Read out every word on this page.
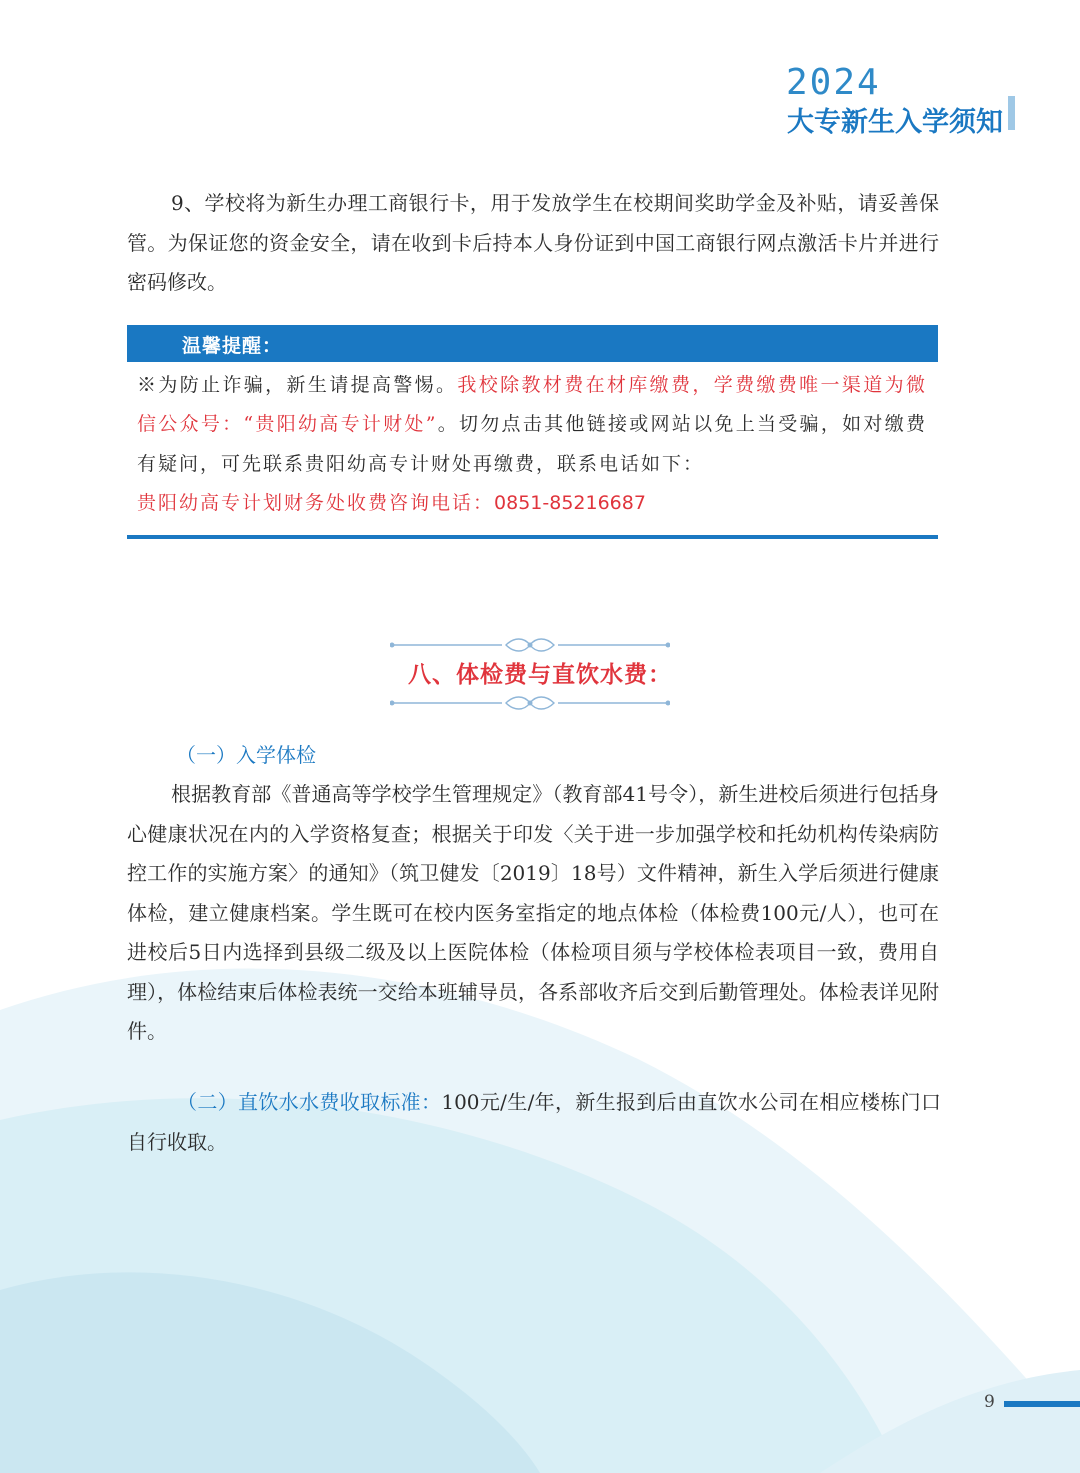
2024
大专新生入学须知
9、学校将为新生办理工商银行卡，用于发放学生在校期间奖助学金及补贴，请妥善保管。为保证您的资金安全，请在收到卡后持本人身份证到中国工商银行网点激活卡片并进行密码修改。
温馨提醒：
※为防止诈骗，新生请提高警惕。我校除教材费在材库缴费，学费缴费唯一渠道为微信公众号：“贵阳幼高专计财处”。切勿点击其他链接或网站以免上当受骗，如对缴费有疑问，可先联系贵阳幼高专计财处再缴费，联系电话如下：
贵阳幼高专计划财务处收费咨询电话：0851-85216687
八、体检费与直饮水费：
（一）入学体检
根据教育部《普通高等学校学生管理规定》（教育部41号令），新生进校后须进行包括身心健康状况在内的入学资格复查；根据关于印发〈关于进一步加强学校和托幼机构传染病防控工作的实施方案〉的通知》（筑卫健发〔2019〕18号）文件精神，新生入学后须进行健康体检，建立健康档案。学生既可在校内医务室指定的地点体检（体检费100元/人），也可在进校后5日内选择到县级二级及以上医院体检（体检项目须与学校体检表项目一致，费用自理），体检结束后体检表统一交给本班辅导员，各系部收齐后交到后勤管理处。体检表详见附件。
（二）直饮水水费收取标准：100元/生/年，新生报到后由直饮水公司在相应楼栋门口自行收取。
9
